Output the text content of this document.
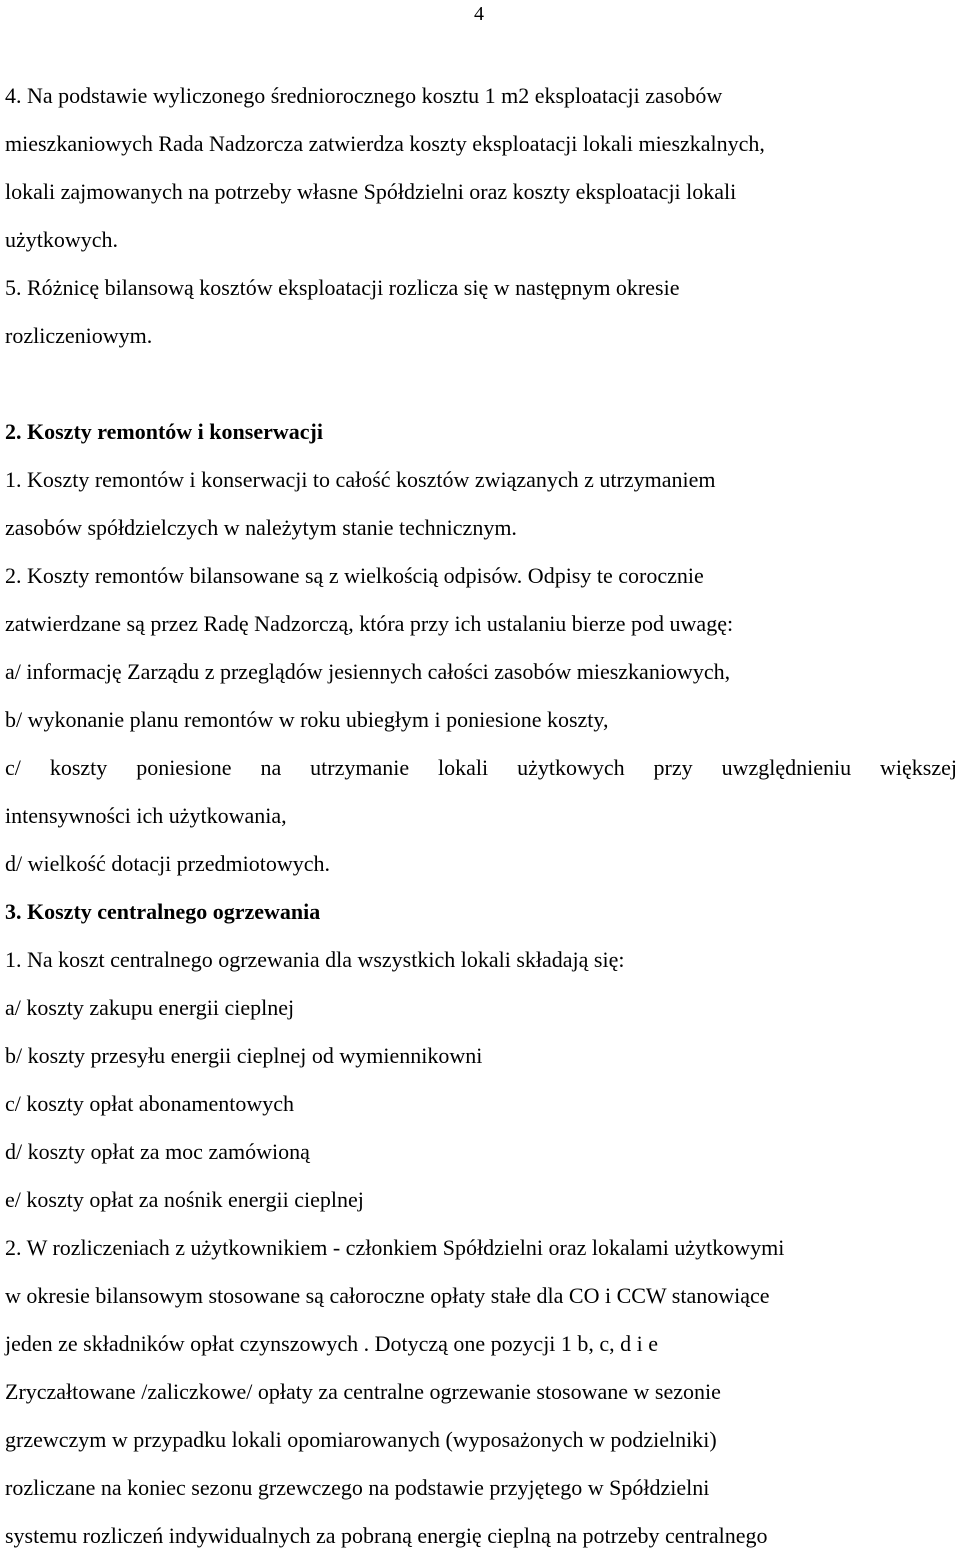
4

4. Na podstawie wyliczonego średniorocznego kosztu 1 m2 eksploatacji zasobów

mieszkaniowych Rada Nadzorcza zatwierdza koszty eksploatacji lokali mieszkalnych,

lokali zajmowanych na potrzeby własne Spółdzielni oraz koszty eksploatacji lokali

użytkowych.

5. Różnicę bilansową kosztów eksploatacji rozlicza się w następnym okresie

rozliczeniowym.

2. Koszty remontów i konserwacji

1. Koszty remontów i konserwacji to całość kosztów związanych z utrzymaniem

zasobów spółdzielczych w należytym stanie technicznym.

2. Koszty remontów bilansowane są z wielkością odpisów. Odpisy te corocznie

zatwierdzane są przez Radę Nadzorczą, która przy ich ustalaniu bierze pod uwagę:

a/ informację Zarządu z przeglądów jesiennych całości zasobów mieszkaniowych,

b/ wykonanie planu remontów w roku ubiegłym i poniesione koszty,

c/ koszty poniesione na utrzymanie lokali użytkowych przy uwzględnieniu większej

intensywności ich użytkowania,

d/ wielkość dotacji przedmiotowych.

3. Koszty centralnego ogrzewania

1. Na koszt centralnego ogrzewania dla wszystkich lokali składają się:

a/ koszty zakupu energii cieplnej

b/ koszty przesyłu energii cieplnej od wymiennikowni

c/ koszty opłat abonamentowych

d/ koszty opłat za moc zamówioną

e/ koszty opłat za nośnik energii cieplnej

2. W rozliczeniach z użytkownikiem - członkiem Spółdzielni oraz lokalami użytkowymi

w okresie bilansowym stosowane są całoroczne opłaty stałe dla CO i CCW stanowiące

jeden ze składników opłat czynszowych . Dotyczą one pozycji 1 b, c, d i e

Zryczałtowane /zaliczkowe/ opłaty za centralne ogrzewanie stosowane w sezonie

grzewczym w przypadku lokali opomiarowanych (wyposażonych w podzielniki)

rozliczane na koniec sezonu grzewczego na podstawie przyjętego w Spółdzielni

systemu rozliczeń indywidualnych za pobraną energię cieplną na potrzeby centralnego
